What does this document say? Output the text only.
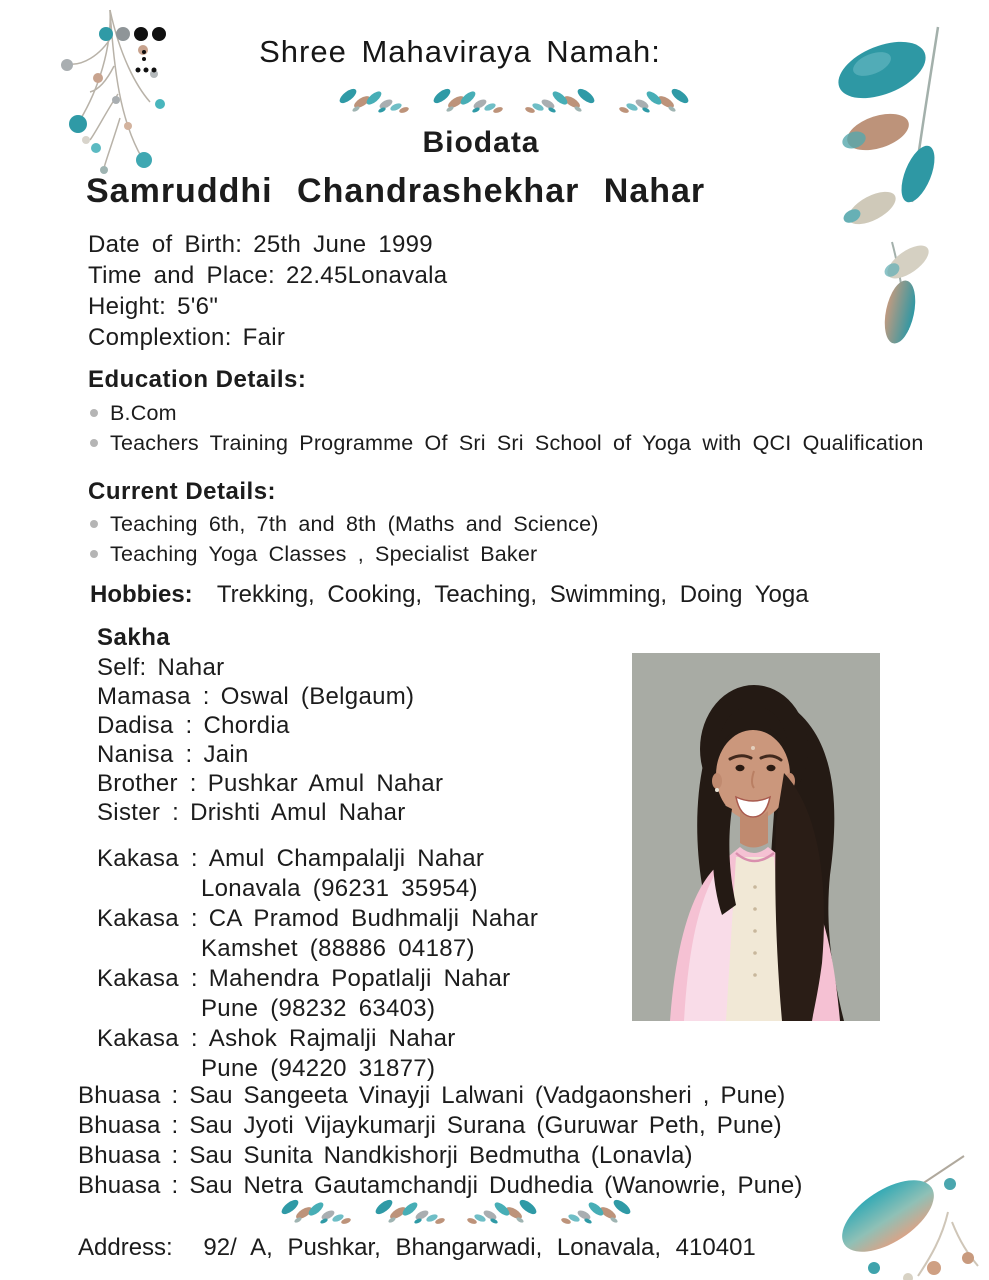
Shree Mahaviraya Namah:
Biodata
Samruddhi Chandrashekhar Nahar
Date of Birth: 25th June 1999
Time and Place: 22.45Lonavala
Height: 5'6"
Complextion: Fair
Education Details:
B.Com
Teachers Training Programme Of Sri Sri School of Yoga with QCI Qualification
Current Details:
Teaching 6th, 7th and 8th (Maths and Science)
Teaching Yoga Classes , Specialist Baker
Hobbies: Trekking, Cooking, Teaching, Swimming, Doing Yoga
Sakha
Self: Nahar
Mamasa : Oswal (Belgaum)
Dadisa : Chordia
Nanisa : Jain
Brother : Pushkar Amul Nahar
Sister : Drishti Amul Nahar
Kakasa : Amul Champalalji Nahar
Lonavala (96231 35954)
Kakasa : CA Pramod Budhmalji Nahar
Kamshet (88886 04187)
Kakasa : Mahendra Popatlalji Nahar
Pune (98232 63403)
Kakasa : Ashok Rajmalji Nahar
Pune (94220 31877)
Bhuasa : Sau Sangeeta Vinayji Lalwani (Vadgaonsheri , Pune)
Bhuasa : Sau Jyoti Vijaykumarji Surana (Guruwar Peth, Pune)
Bhuasa : Sau Sunita Nandkishorji Bedmutha (Lonavla)
Bhuasa : Sau Netra Gautamchandji Dudhedia (Wanowrie, Pune)
Address: 92/ A, Pushkar, Bhangarwadi, Lonavala, 410401
